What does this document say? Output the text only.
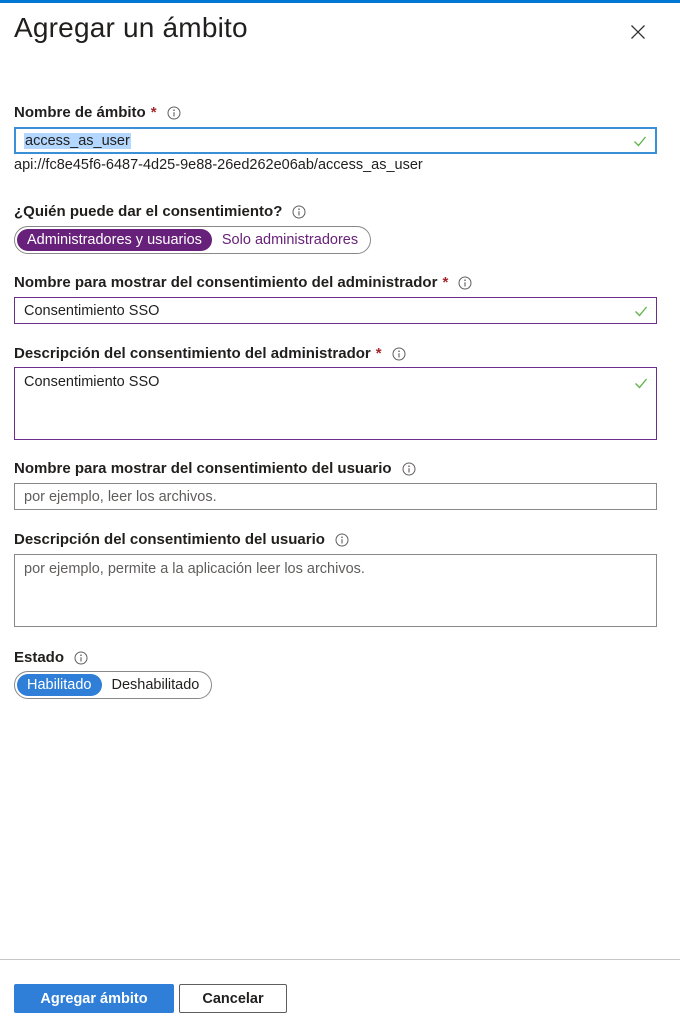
Agregar un ámbito
Nombre de ámbito *
access_as_user
api://fc8e45f6-6487-4d25-9e88-26ed262e06ab/access_as_user
¿Quién puede dar el consentimiento?
Administradores y usuarios	Solo administradores
Nombre para mostrar del consentimiento del administrador *
Consentimiento SSO
Descripción del consentimiento del administrador *
Consentimiento SSO
Nombre para mostrar del consentimiento del usuario
por ejemplo, leer los archivos.
Descripción del consentimiento del usuario
por ejemplo, permite a la aplicación leer los archivos.
Estado
Habilitado	Deshabilitado
Agregar ámbito	Cancelar
